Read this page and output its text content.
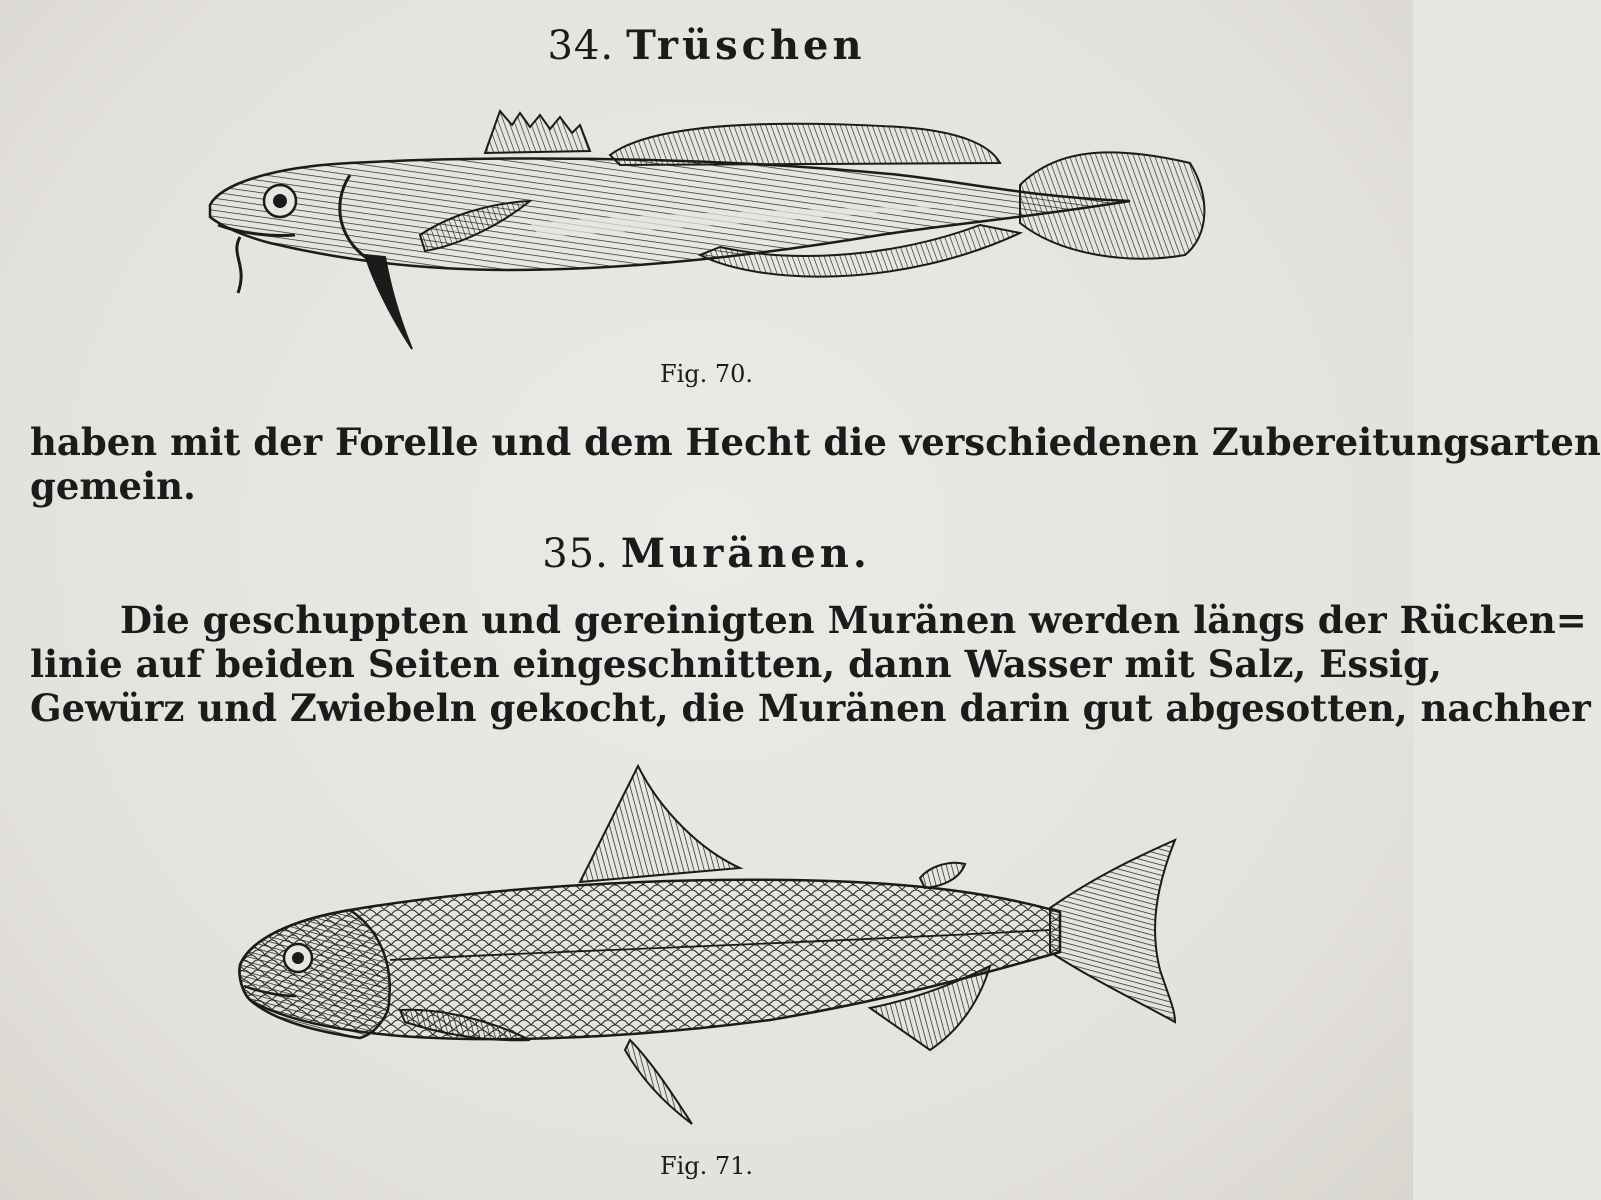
34. Trüschen
Fig. 70.
haben mit der Forelle und dem Hecht die verschiedenen Zubereitungsarten
gemein.
35. Muränen.
Die geschuppten und gereinigten Muränen werden längs der Rücken=
linie auf beiden Seiten eingeschnitten, dann Wasser mit Salz, Essig,
Gewürz und Zwiebeln gekocht, die Muränen darin gut abgesotten, nachher
Fig. 71.
